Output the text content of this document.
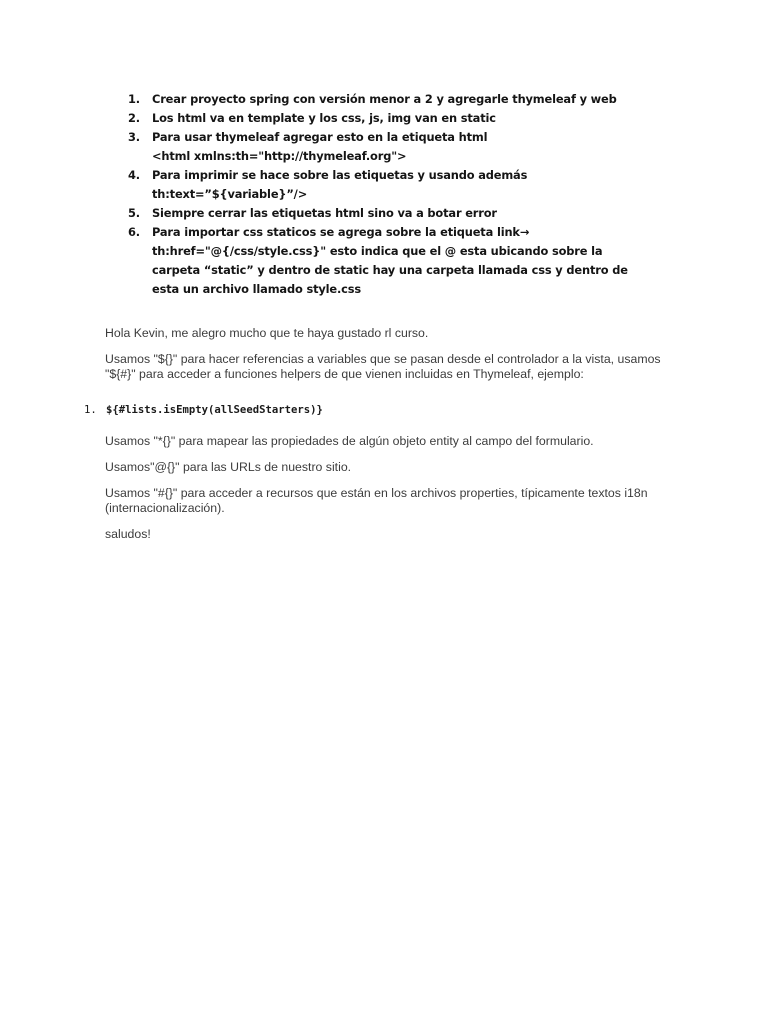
1. Crear proyecto spring con versión menor a 2 y agregarle thymeleaf y web
2. Los html va en template y los css, js, img van en static
3. Para usar thymeleaf agregar esto en la etiqueta html <html xmlns:th="http://thymeleaf.org">
4. Para imprimir se hace sobre las etiquetas y usando además th:text=”${variable}”/>
5. Siempre cerrar las etiquetas html sino va a botar error
6. Para importar css staticos se agrega sobre la etiqueta link→ th:href="@{/css/style.css}" esto indica que el @ esta ubicando sobre la carpeta “static” y dentro de static hay una carpeta llamada css y dentro de esta un archivo llamado style.css

Hola Kevin, me alegro mucho que te haya gustado rl curso.

Usamos "${}" para hacer referencias a variables que se pasan desde el controlador a la vista, usamos "${#}" para acceder a funciones helpers de que vienen incluidas en Thymeleaf, ejemplo:

1. ${#lists.isEmpty(allSeedStarters)}

Usamos "*{}" para mapear las propiedades de algún objeto entity al campo del formulario.

Usamos"@{}" para las URLs de nuestro sitio.

Usamos "#{}" para acceder a recursos que están en los archivos properties, típicamente textos i18n (internacionalización).

saludos!
